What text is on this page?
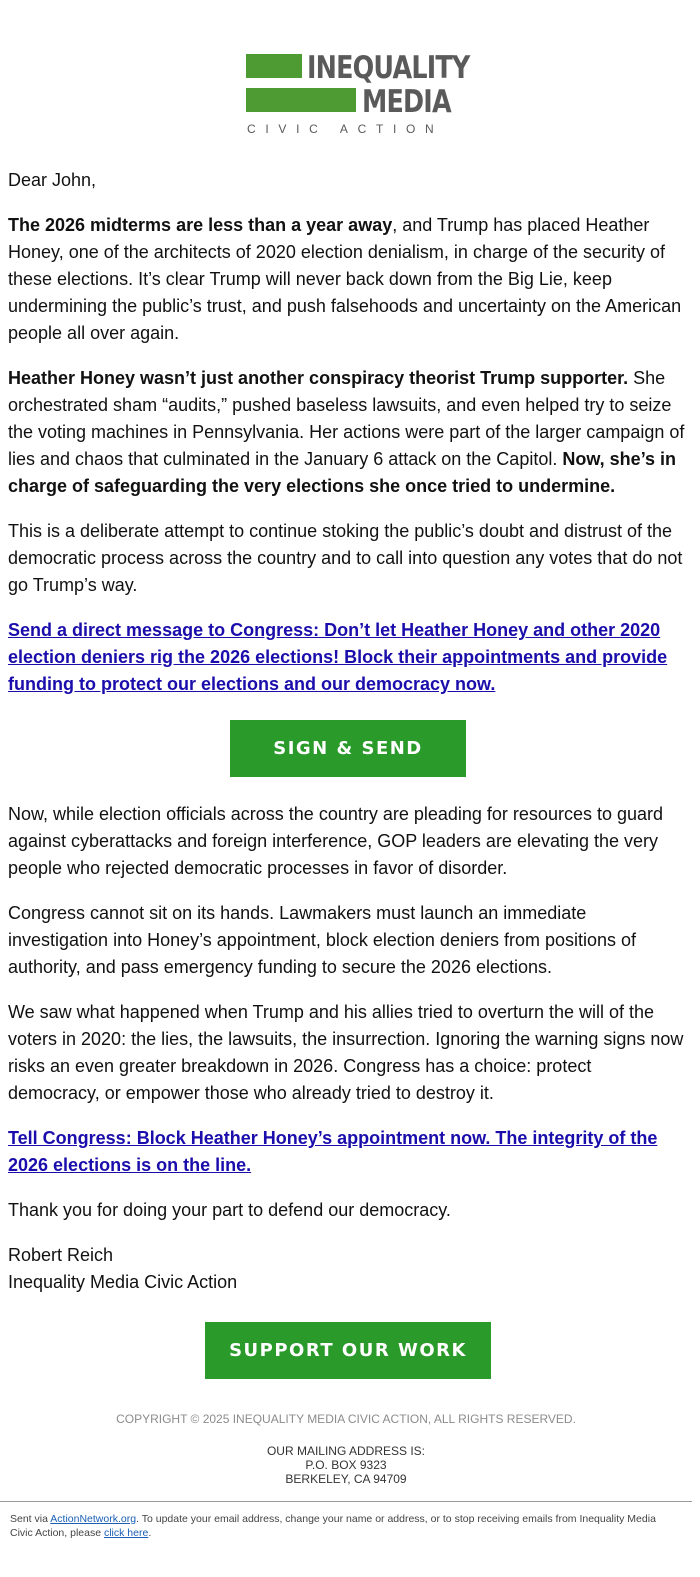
INEQUALITY
MEDIA
CIVIC ACTION

Dear John,

The 2026 midterms are less than a year away, and Trump has placed Heather Honey, one of the architects of 2020 election denialism, in charge of the security of these elections. It’s clear Trump will never back down from the Big Lie, keep undermining the public’s trust, and push falsehoods and uncertainty on the American people all over again.

Heather Honey wasn’t just another conspiracy theorist Trump supporter. She orchestrated sham “audits,” pushed baseless lawsuits, and even helped try to seize the voting machines in Pennsylvania. Her actions were part of the larger campaign of lies and chaos that culminated in the January 6 attack on the Capitol. Now, she’s in charge of safeguarding the very elections she once tried to undermine.

This is a deliberate attempt to continue stoking the public’s doubt and distrust of the democratic process across the country and to call into question any votes that do not go Trump’s way.

Send a direct message to Congress: Don’t let Heather Honey and other 2020 election deniers rig the 2026 elections! Block their appointments and provide funding to protect our elections and our democracy now.

SIGN & SEND

Now, while election officials across the country are pleading for resources to guard against cyberattacks and foreign interference, GOP leaders are elevating the very people who rejected democratic processes in favor of disorder.

Congress cannot sit on its hands. Lawmakers must launch an immediate investigation into Honey’s appointment, block election deniers from positions of authority, and pass emergency funding to secure the 2026 elections.

We saw what happened when Trump and his allies tried to overturn the will of the voters in 2020: the lies, the lawsuits, the insurrection. Ignoring the warning signs now risks an even greater breakdown in 2026. Congress has a choice: protect democracy, or empower those who already tried to destroy it.

Tell Congress: Block Heather Honey’s appointment now. The integrity of the 2026 elections is on the line.

Thank you for doing your part to defend our democracy.

Robert Reich

Inequality Media Civic Action

SUPPORT OUR WORK
COPYRIGHT © 2025 INEQUALITY MEDIA CIVIC ACTION, ALL RIGHTS RESERVED.
OUR MAILING ADDRESS IS:
P.O. BOX 9323
BERKELEY, CA 94709
Sent via ActionNetwork.org. To update your email address, change your name or address, or to stop receiving emails from Inequality Media Civic Action, please click here.
